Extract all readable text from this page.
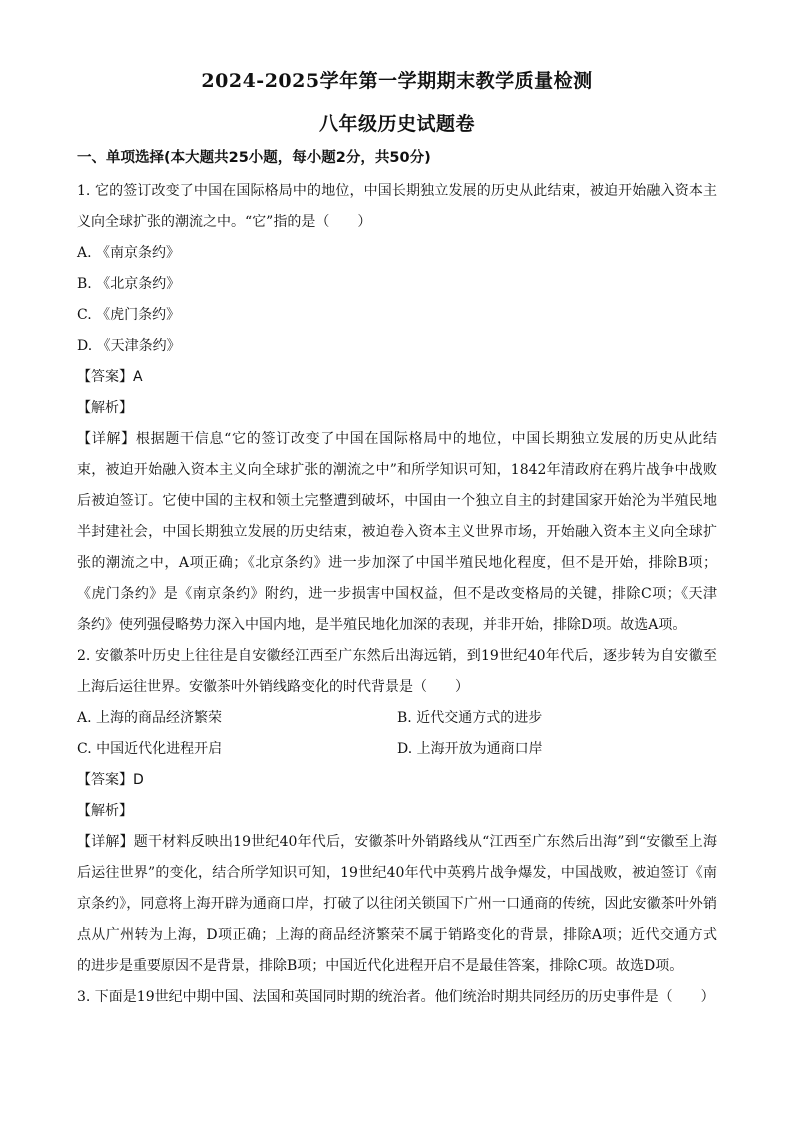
2024-2025学年第一学期期末教学质量检测
八年级历史试题卷
一、单项选择(本大题共25小题，每小题2分，共50分)
1. 它的签订改变了中国在国际格局中的地位，中国长期独立发展的历史从此结束，被迫开始融入资本主
义向全球扩张的潮流之中。“它”指的是（　　）
A. 《南京条约》
B. 《北京条约》
C. 《虎门条约》
D. 《天津条约》
【答案】A
【解析】
【详解】根据题干信息“它的签订改变了中国在国际格局中的地位，中国长期独立发展的历史从此结
束，被迫开始融入资本主义向全球扩张的潮流之中”和所学知识可知，1842年清政府在鸦片战争中战败
后被迫签订。它使中国的主权和领土完整遭到破坏，中国由一个独立自主的封建国家开始沦为半殖民地
半封建社会，中国长期独立发展的历史结束，被迫卷入资本主义世界市场，开始融入资本主义向全球扩
张的潮流之中，A项正确；《北京条约》进一步加深了中国半殖民地化程度，但不是开始，排除B项；
《虎门条约》是《南京条约》附约，进一步损害中国权益，但不是改变格局的关键，排除C项；《天津
条约》使列强侵略势力深入中国内地，是半殖民地化加深的表现，并非开始，排除D项。故选A项。
2. 安徽茶叶历史上往往是自安徽经江西至广东然后出海远销，到19世纪40年代后，逐步转为自安徽至
上海后运往世界。安徽茶叶外销线路变化的时代背景是（　　）
A. 上海的商品经济繁荣	B. 近代交通方式的进步
C. 中国近代化进程开启	D. 上海开放为通商口岸
【答案】D
【解析】
【详解】题干材料反映出19世纪40年代后，安徽茶叶外销路线从“江西至广东然后出海”到“安徽至上海
后运往世界”的变化，结合所学知识可知，19世纪40年代中英鸦片战争爆发，中国战败，被迫签订《南
京条约》，同意将上海开辟为通商口岸，打破了以往闭关锁国下广州一口通商的传统，因此安徽茶叶外销
点从广州转为上海，D项正确；上海的商品经济繁荣不属于销路变化的背景，排除A项；近代交通方式
的进步是重要原因不是背景，排除B项；中国近代化进程开启不是最佳答案，排除C项。故选D项。
3. 下面是19世纪中期中国、法国和英国同时期的统治者。他们统治时期共同经历的历史事件是（　　）
